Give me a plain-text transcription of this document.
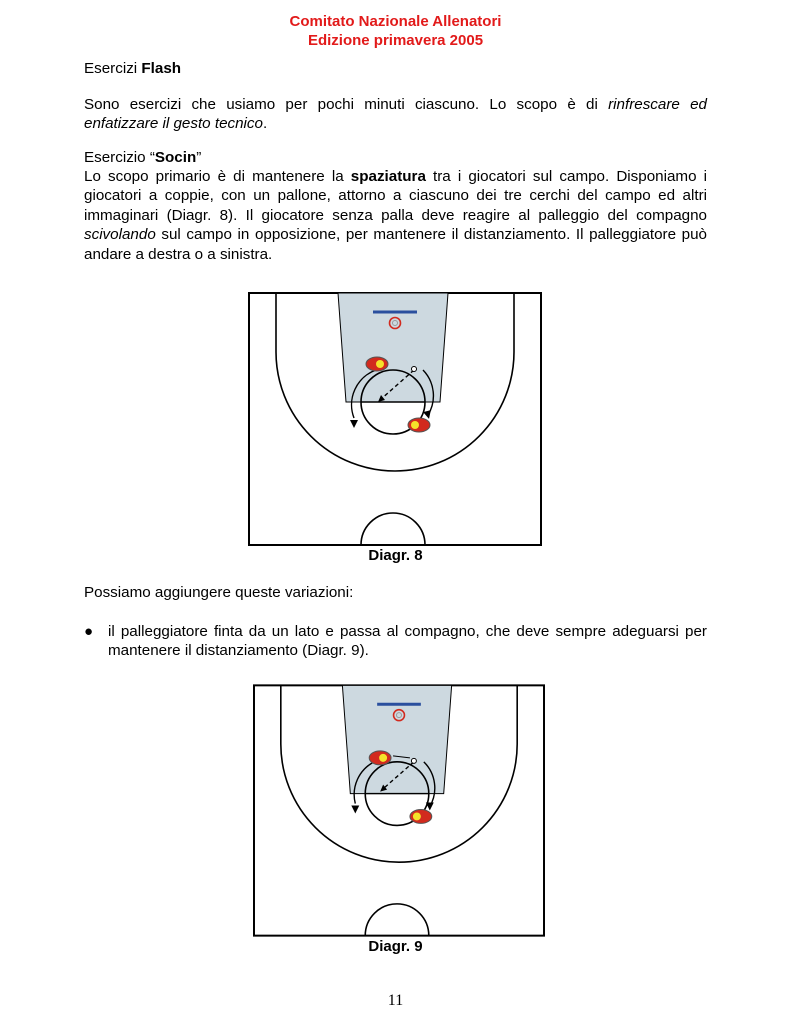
Comitato Nazionale Allenatori
Edizione primavera 2005
Esercizi Flash
Sono esercizi che usiamo per pochi minuti ciascuno. Lo scopo è di rinfrescare ed enfatizzare il gesto tecnico.
Esercizio “Socin”
Lo scopo primario è di mantenere la spaziatura tra i giocatori sul campo. Disponiamo i giocatori a coppie, con un pallone, attorno a ciascuno dei tre cerchi del campo ed altri immaginari (Diagr. 8). Il giocatore senza palla deve reagire al palleggio del compagno scivolando sul campo in opposizione, per mantenere il distanziamento. Il palleggiatore può andare a destra o a sinistra.
Diagr. 8
Possiamo aggiungere queste variazioni:
● il palleggiatore finta da un lato e passa al compagno, che deve sempre adeguarsi per mantenere il distanziamento (Diagr. 9).
Diagr. 9
11
